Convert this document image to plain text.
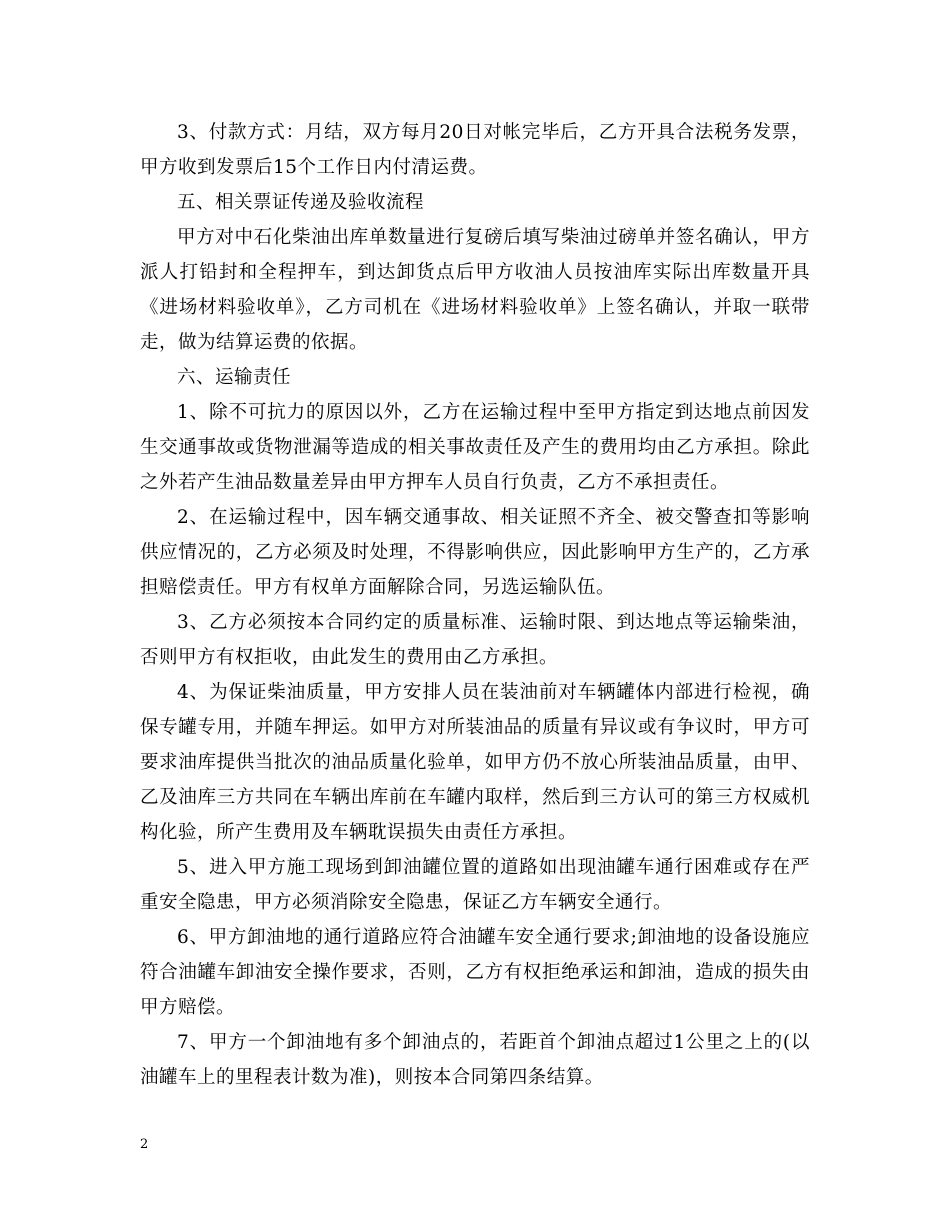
3、付款方式：月结，双方每月20日对帐完毕后，乙方开具合法税务发票，甲方收到发票后15个工作日内付清运费。

五、相关票证传递及验收流程

甲方对中石化柴油出库单数量进行复磅后填写柴油过磅单并签名确认，甲方派人打铅封和全程押车，到达卸货点后甲方收油人员按油库实际出库数量开具《进场材料验收单》，乙方司机在《进场材料验收单》上签名确认，并取一联带走，做为结算运费的依据。

六、运输责任

1、除不可抗力的原因以外，乙方在运输过程中至甲方指定到达地点前因发生交通事故或货物泄漏等造成的相关事故责任及产生的费用均由乙方承担。除此之外若产生油品数量差异由甲方押车人员自行负责，乙方不承担责任。

2、在运输过程中，因车辆交通事故、相关证照不齐全、被交警查扣等影响供应情况的，乙方必须及时处理，不得影响供应，因此影响甲方生产的，乙方承担赔偿责任。甲方有权单方面解除合同，另选运输队伍。

3、乙方必须按本合同约定的质量标准、运输时限、到达地点等运输柴油，否则甲方有权拒收，由此发生的费用由乙方承担。

4、为保证柴油质量，甲方安排人员在装油前对车辆罐体内部进行检视，确保专罐专用，并随车押运。如甲方对所装油品的质量有异议或有争议时，甲方可要求油库提供当批次的油品质量化验单，如甲方仍不放心所装油品质量，由甲、乙及油库三方共同在车辆出库前在车罐内取样，然后到三方认可的第三方权威机构化验，所产生费用及车辆耽误损失由责任方承担。

5、进入甲方施工现场到卸油罐位置的道路如出现油罐车通行困难或存在严重安全隐患，甲方必须消除安全隐患，保证乙方车辆安全通行。

6、甲方卸油地的通行道路应符合油罐车安全通行要求;卸油地的设备设施应符合油罐车卸油安全操作要求，否则，乙方有权拒绝承运和卸油，造成的损失由甲方赔偿。

7、甲方一个卸油地有多个卸油点的，若距首个卸油点超过1公里之上的(以油罐车上的里程表计数为准)，则按本合同第四条结算。

2
